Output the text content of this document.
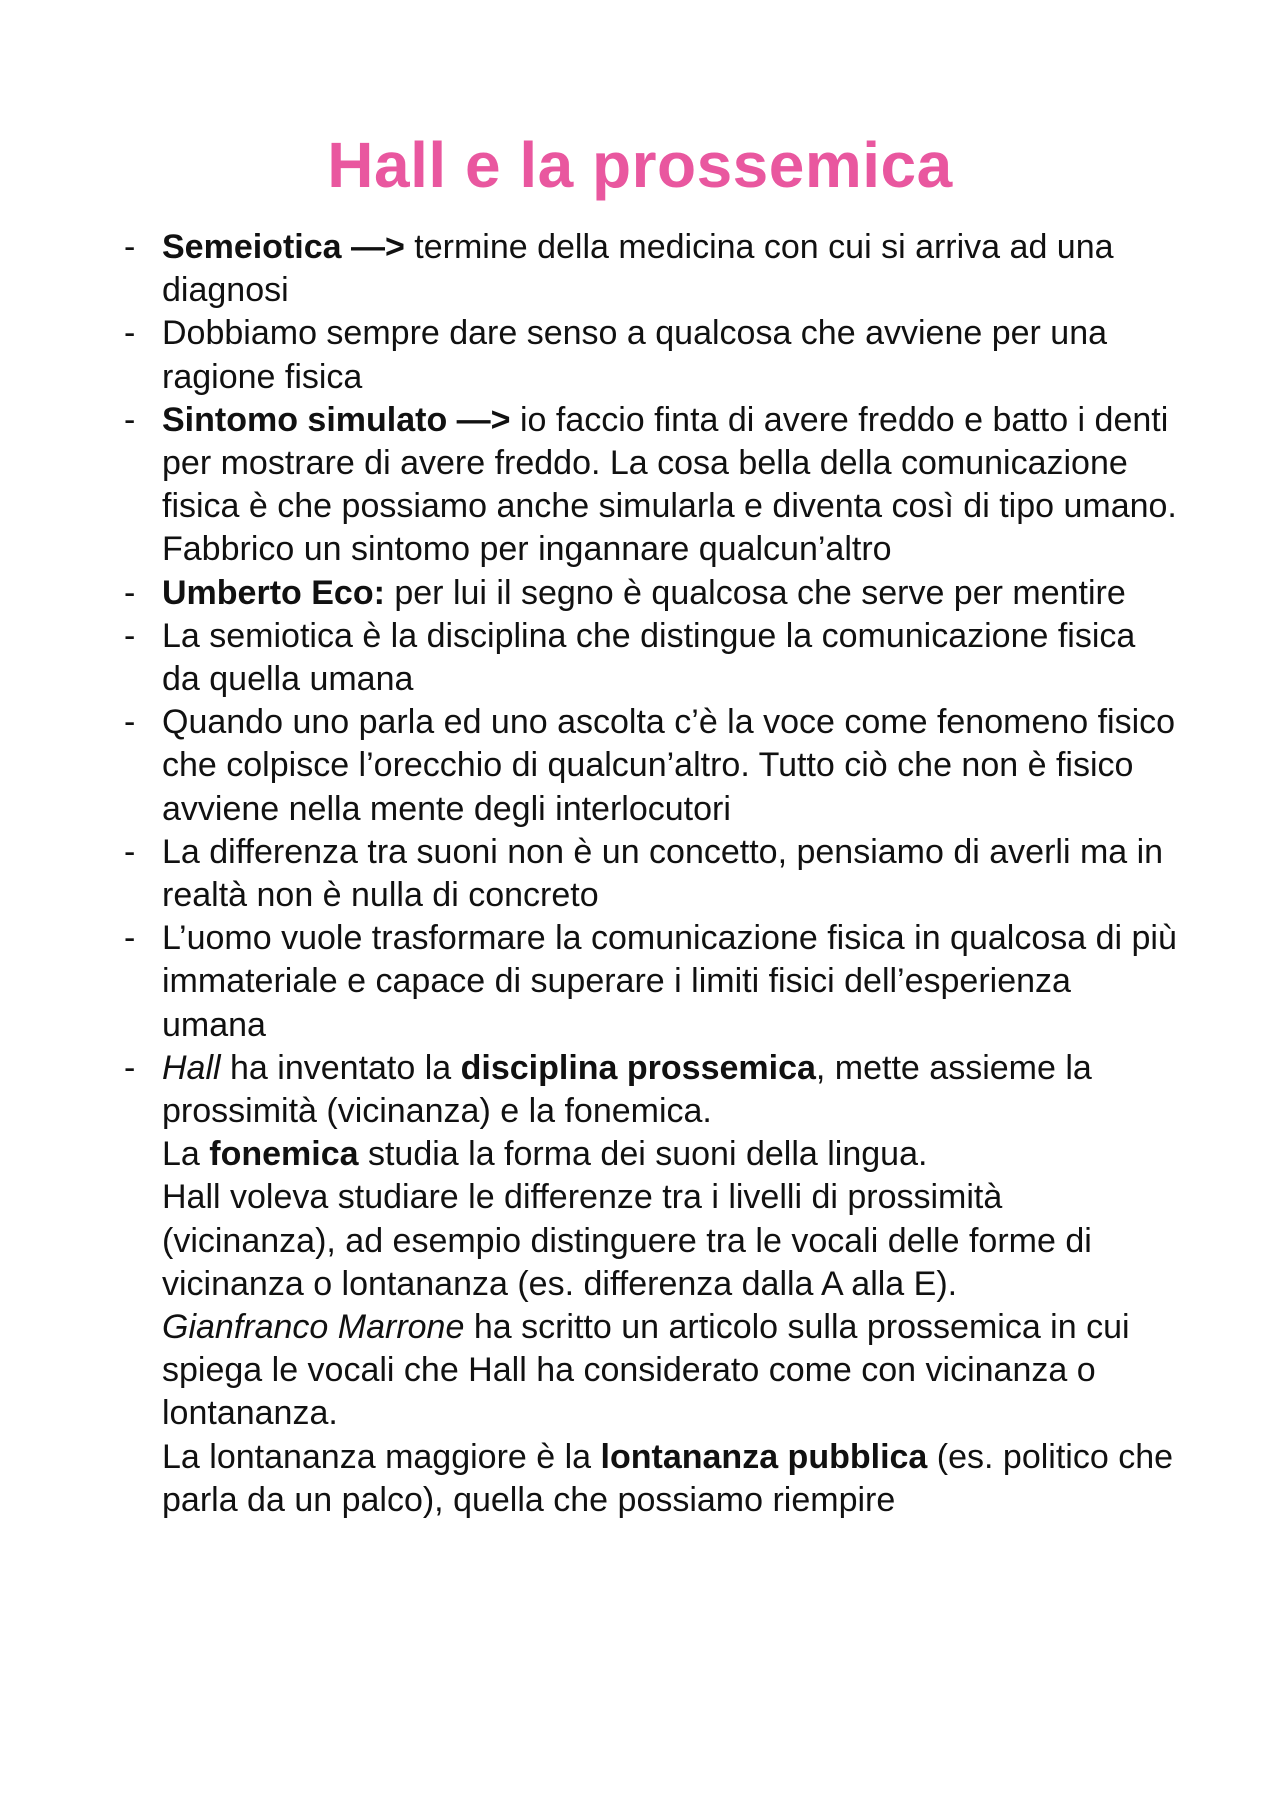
Hall e la prossemica
- Semeiotica —> termine della medicina con cui si arriva ad una diagnosi
- Dobbiamo sempre dare senso a qualcosa che avviene per una ragione fisica
- Sintomo simulato —> io faccio finta di avere freddo e batto i denti per mostrare di avere freddo. La cosa bella della comunicazione fisica è che possiamo anche simularla e diventa così di tipo umano. Fabbrico un sintomo per ingannare qualcun’altro
- Umberto Eco: per lui il segno è qualcosa che serve per mentire
- La semiotica è la disciplina che distingue la comunicazione fisica da quella umana
- Quando uno parla ed uno ascolta c’è la voce come fenomeno fisico che colpisce l’orecchio di qualcun’altro. Tutto ciò che non è fisico avviene nella mente degli interlocutori
- La differenza tra suoni non è un concetto, pensiamo di averli ma in realtà non è nulla di concreto
- L’uomo vuole trasformare la comunicazione fisica in qualcosa di più immateriale e capace di superare i limiti fisici dell’esperienza umana
- Hall ha inventato la disciplina prossemica, mette assieme la prossimità (vicinanza) e la fonemica.
La fonemica studia la forma dei suoni della lingua.
Hall voleva studiare le differenze tra i livelli di prossimità (vicinanza), ad esempio distinguere tra le vocali delle forme di vicinanza o lontananza (es. differenza dalla A alla E).
Gianfranco Marrone ha scritto un articolo sulla prossemica in cui spiega le vocali che Hall ha considerato come con vicinanza o lontananza.
La lontananza maggiore è la lontananza pubblica (es. politico che parla da un palco), quella che possiamo riempire
